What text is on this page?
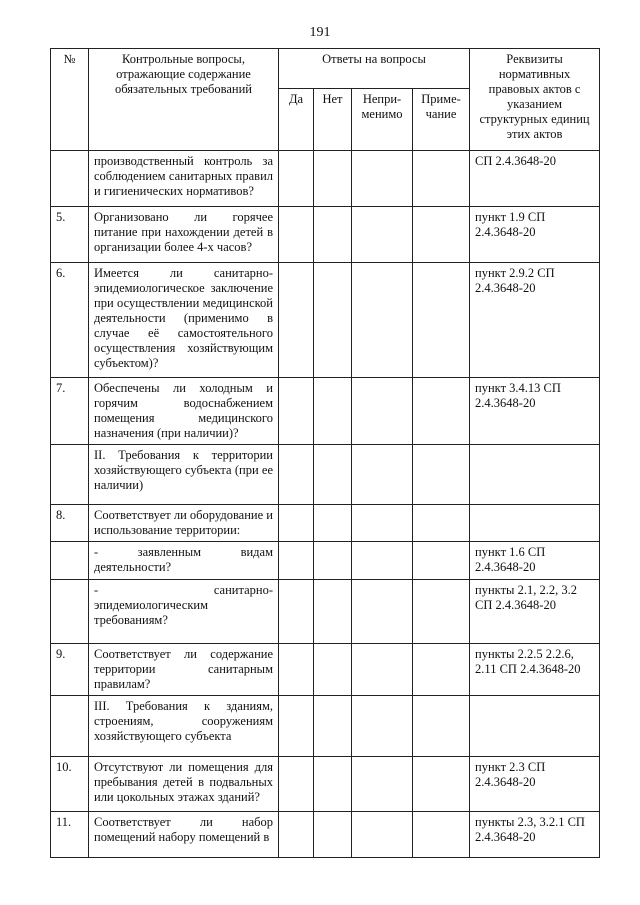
191
№	Контрольные вопросы, отражающие содержание обязательных требований	Ответы на вопросы				Реквизиты нормативных правовых актов с указанием структурных единиц этих актов
		Да	Нет	Непри-менимо	Приме-чание	
	производственный контроль за соблюдением санитарных правил и гигиенических нормативов?					СП 2.4.3648-20
5.	Организовано ли горячее питание при нахождении детей в организации более 4-х часов?					пункт 1.9 СП 2.4.3648-20
6.	Имеется ли санитарно-эпидемиологическое заключение при осуществлении медицинской деятельности (применимо в случае её самостоятельного осуществления хозяйствующим субъектом)?					пункт 2.9.2 СП 2.4.3648-20
7.	Обеспечены ли холодным и горячим водоснабжением помещения медицинского назначения (при наличии)?					пункт 3.4.13 СП 2.4.3648-20
	II. Требования к территории хозяйствующего субъекта (при ее наличии)					
8.	Соответствует ли оборудование и использование территории:					
	- заявленным видам деятельности?					пункт 1.6 СП 2.4.3648-20
	- санитарно-эпидемиологическим требованиям?					пункты 2.1, 2.2, 3.2 СП 2.4.3648-20
9.	Соответствует ли содержание территории санитарным правилам?					пункты 2.2.5 2.2.6, 2.11 СП 2.4.3648-20
	III. Требования к зданиям, строениям, сооружениям хозяйствующего субъекта					
10.	Отсутствуют ли помещения для пребывания детей в подвальных или цокольных этажах зданий?					пункт 2.3 СП 2.4.3648-20
11.	Соответствует ли набор помещений набору помещений в					пункты 2.3, 3.2.1 СП 2.4.3648-20
